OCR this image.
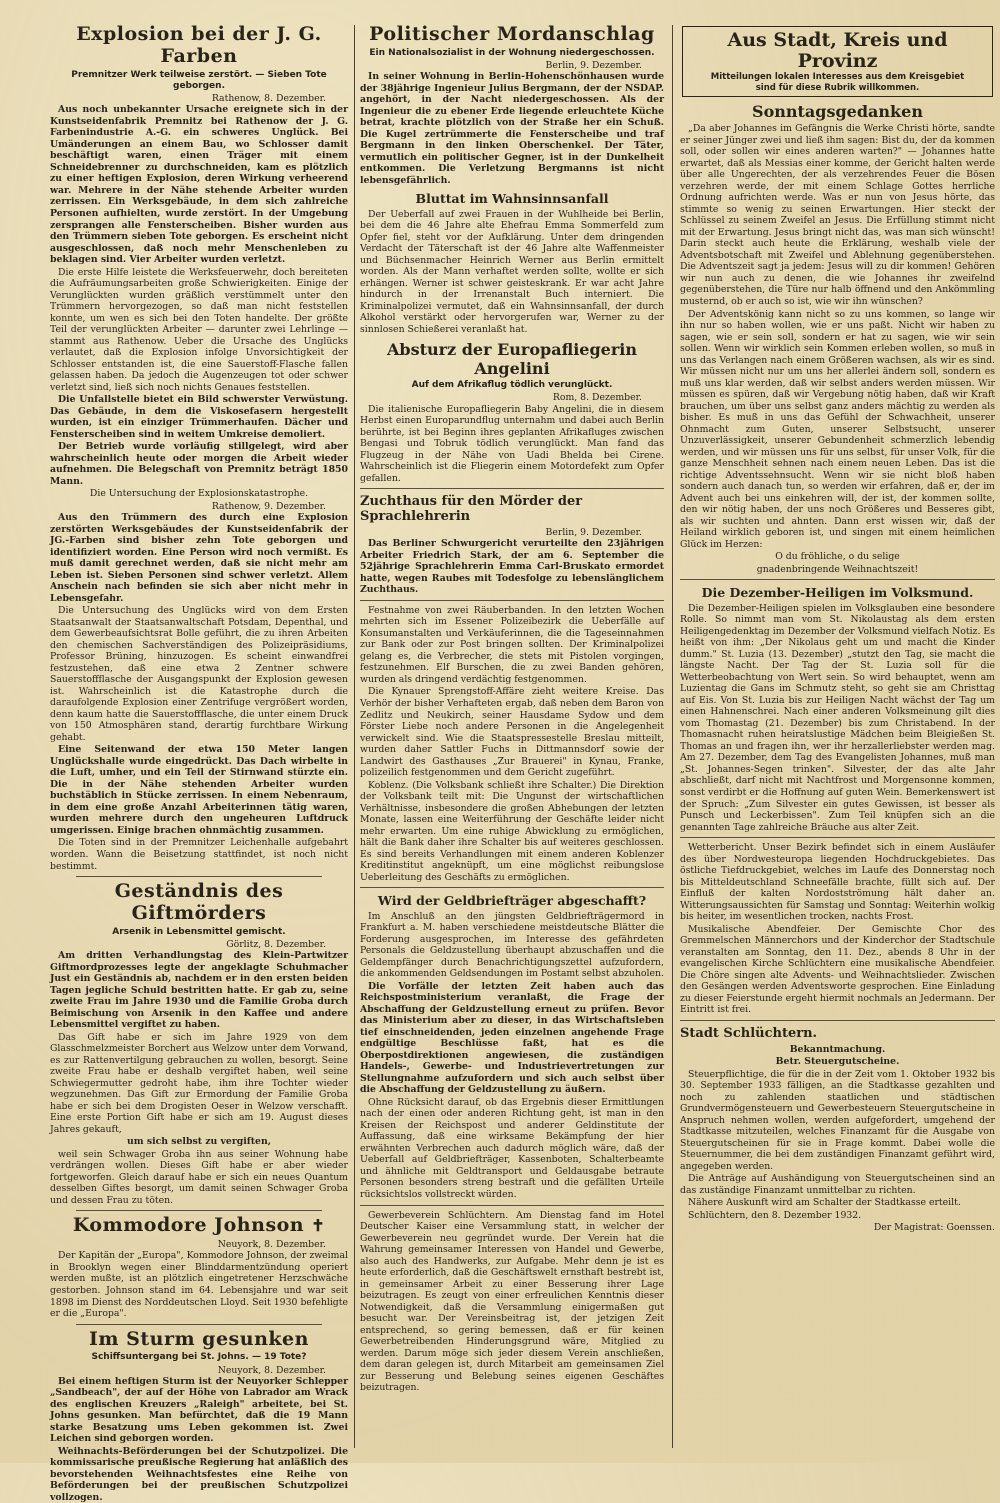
Explosion bei der J. G. Farben
Premnitzer Werk teilweise zerstört. — Sieben Tote geborgen.
Rathenow, 8. Dezember.

Aus noch unbekannter Ursache ereignete sich in der Kunstseidenfabrik Premnitz bei Rathenow der J. G. Farbenindustrie A.-G. ein schweres Unglück. Bei Umänderungen an einem Bau, wo Schlosser damit beschäftigt waren, einen Träger mit einem Schneidebrenner zu durchschneiden, kam es plötzlich zu einer heftigen Explosion, deren Wirkung verheerend war. Mehrere in der Nähe stehende Arbeiter wurden zerrissen. Ein Werksgebäude, in dem sich zahlreiche Personen aufhielten, wurde zerstört. In der Umgebung zersprangen alle Fensterscheiben. Bisher wurden aus den Trümmern sieben Tote geborgen. Es erscheint nicht ausgeschlossen, daß noch mehr Menschenleben zu beklagen sind. Vier Arbeiter wurden verletzt.

Die erste Hilfe leistete die Werksfeuerwehr, doch bereiteten die Aufräumungsarbeiten große Schwierigkeiten. Einige der Verunglückten wurden gräßlich verstümmelt unter den Trümmern hervorgezogen, so daß man nicht feststellen konnte, um wen es sich bei den Toten handelte. Der größte Teil der verunglückten Arbeiter — darunter zwei Lehrlinge — stammt aus Rathenow. Ueber die Ursache des Unglücks verlautet, daß die Explosion infolge Unvorsichtigkeit der Schlosser entstanden ist, die eine Sauerstoff-Flasche fallen gelassen haben. Da jedoch die Augenzeugen tot oder schwer verletzt sind, ließ sich noch nichts Genaues feststellen.

Die Unfallstelle bietet ein Bild schwerster Verwüstung. Das Gebäude, in dem die Viskosefasern hergestellt wurden, ist ein einziger Trümmerhaufen. Dächer und Fensterscheiben sind in weitem Umkreise demoliert.

Der Betrieb wurde vorläufig stillgelegt, wird aber wahrscheinlich heute oder morgen die Arbeit wieder aufnehmen. Die Belegschaft von Premnitz beträgt 1850 Mann.

Die Untersuchung der Explosionskatastrophe.

Rathenow, 9. Dezember.

Aus den Trümmern des durch eine Explosion zerstörten Werksgebäudes der Kunstseidenfabrik der JG.-Farben sind bisher zehn Tote geborgen und identifiziert worden. Eine Person wird noch vermißt. Es muß damit gerechnet werden, daß sie nicht mehr am Leben ist. Sieben Personen sind schwer verletzt. Allem Anschein nach befinden sie sich aber nicht mehr in Lebensgefahr.

Die Untersuchung des Unglücks wird von dem Ersten Staatsanwalt der Staatsanwaltschaft Potsdam, Depenthal, und dem Gewerbeaufsichtsrat Bolle geführt, die zu ihren Arbeiten den chemischen Sachverständigen des Polizeipräsidiums, Professor Brüning, hinzuzogen. Es scheint einwandfrei festzustehen, daß eine etwa 2 Zentner schwere Sauerstoffflasche der Ausgangspunkt der Explosion gewesen ist. Wahrscheinlich ist die Katastrophe durch die daraufolgende Explosion einer Zentrifuge vergrößert worden, denn kaum hatte die Sauerstoffflasche, die unter einem Druck von 150 Atmosphären stand, derartig furchtbare Wirkung gehabt.

Eine Seitenwand der etwa 150 Meter langen Unglückshalle wurde eingedrückt. Das Dach wirbelte in die Luft, umher, und ein Teil der Stirnwand stürzte ein. Die in der Nähe stehenden Arbeiter wurden buchstäblich in Stücke zerrissen. In einem Nebenraum, in dem eine große Anzahl Arbeiterinnen tätig waren, wurden mehrere durch den ungeheuren Luftdruck umgerissen. Einige brachen ohnmächtig zusammen.

Die Toten sind in der Premnitzer Leichenhalle aufgebahrt worden. Wann die Beisetzung stattfindet, ist noch nicht bestimmt.

Geständnis des Giftmörders
Arsenik in Lebensmittel gemischt.
Görlitz, 8. Dezember.

Am dritten Verhandlungstag des Klein-Partwitzer Giftmordprozesses legte der angeklagte Schuhmacher Just ein Geständnis ab, nachdem er in den ersten beiden Tagen jegliche Schuld bestritten hatte. Er gab zu, seine zweite Frau im Jahre 1930 und die Familie Groba durch Beimischung von Arsenik in den Kaffee und andere Lebensmittel vergiftet zu haben.

Das Gift habe er sich im Jahre 1929 von dem Glasschmelzmeister Borchert aus Welzow unter dem Vorwand, es zur Rattenvertilgung gebrauchen zu wollen, besorgt. Seine zweite Frau habe er deshalb vergiftet haben, weil seine Schwiegermutter gedroht habe, ihm ihre Tochter wieder wegzunehmen. Das Gift zur Ermordung der Familie Groba habe er sich bei dem Drogisten Oeser in Welzow verschafft. Eine erste Portion Gift habe er sich am 19. August dieses Jahres gekauft,

um sich selbst zu vergiften,

weil sein Schwager Groba ihn aus seiner Wohnung habe verdrängen wollen. Dieses Gift habe er aber wieder fortgeworfen. Gleich darauf habe er sich ein neues Quantum desselben Giftes besorgt, um damit seinen Schwager Groba und dessen Frau zu töten.

Kommodore Johnson ✝
Neuyork, 8. Dezember.

Der Kapitän der „Europa", Kommodore Johnson, der zweimal in Brooklyn wegen einer Blinddarmentzündung operiert werden mußte, ist an plötzlich eingetretener Herzschwäche gestorben. Johnson stand im 64. Lebensjahre und war seit 1898 im Dienst des Norddeutschen Lloyd. Seit 1930 befehligte er die „Europa".

Im Sturm gesunken
Schiffsuntergang bei St. Johns. — 19 Tote?
Neuyork, 8. Dezember.

Bei einem heftigen Sturm ist der Neuyorker Schlepper „Sandbeach", der auf der Höhe von Labrador am Wrack des englischen Kreuzers „Raleigh" arbeitete, bei St. Johns gesunken. Man befürchtet, daß die 19 Mann starke Besatzung ums Leben gekommen ist. Zwei Leichen sind geborgen worden.

Weihnachts-Beförderungen bei der Schutzpolizei. Die kommissarische preußische Regierung hat anläßlich des bevorstehenden Weihnachtsfestes eine Reihe von Beförderungen bei der preußischen Schutzpolizei vollzogen.

Politischer Mordanschlag
Ein Nationalsozialist in der Wohnung niedergeschossen.
Berlin, 9. Dezember.

In seiner Wohnung in Berlin-Hohenschönhausen wurde der 38jährige Ingenieur Julius Bergmann, der der NSDAP. angehört, in der Nacht niedergeschossen. Als der Ingenieur die zu ebener Erde liegende erleuchtete Küche betrat, krachte plötzlich von der Straße her ein Schuß. Die Kugel zertrümmerte die Fensterscheibe und traf Bergmann in den linken Oberschenkel. Der Täter, vermutlich ein politischer Gegner, ist in der Dunkelheit entkommen. Die Verletzung Bergmanns ist nicht lebensgefährlich.

Bluttat im Wahnsinnsanfall

Der Ueberfall auf zwei Frauen in der Wuhlheide bei Berlin, bei dem die 46 Jahre alte Ehefrau Emma Sommerfeld zum Opfer fiel, steht vor der Aufklärung. Unter dem dringenden Verdacht der Täterschaft ist der 46 Jahre alte Waffenmeister und Büchsenmacher Heinrich Werner aus Berlin ermittelt worden. Als der Mann verhaftet werden sollte, wollte er sich erhängen. Werner ist schwer geisteskrank. Er war acht Jahre hindurch in der Irrenanstalt Buch interniert. Die Kriminalpolizei vermutet, daß ein Wahnsinnsanfall, der durch Alkohol verstärkt oder hervorgerufen war, Werner zu der sinnlosen Schießerei veranlaßt hat.

Absturz der Europafliegerin Angelini
Auf dem Afrikaflug tödlich verunglückt.
Rom, 8. Dezember.

Die italienische Europafliegerin Baby Angelini, die in diesem Herbst einen Europarundflug unternahm und dabei auch Berlin berührte, ist bei Beginn ihres geplanten Afrikafluges zwischen Bengasi und Tobruk tödlich verunglückt. Man fand das Flugzeug in der Nähe von Uadi Bhelda bei Cirene. Wahrscheinlich ist die Fliegerin einem Motordefekt zum Opfer gefallen.

Zuchthaus für den Mörder der Sprachlehrerin
Berlin, 9. Dezember.

Das Berliner Schwurgericht verurteilte den 23jährigen Arbeiter Friedrich Stark, der am 6. September die 52jährige Sprachlehrerin Emma Carl-Bruskato ermordet hatte, wegen Raubes mit Todesfolge zu lebenslänglichem Zuchthaus.

Festnahme von zwei Räuberbanden. In den letzten Wochen mehrten sich im Essener Polizeibezirk die Ueberfälle auf Konsumanstalten und Verkäuferinnen, die die Tageseinnahmen zur Bank oder zur Post bringen sollten. Der Kriminalpolizei gelang es, die Verbrecher, die stets mit Pistolen vorgingen, festzunehmen. Elf Burschen, die zu zwei Banden gehören, wurden als dringend verdächtig festgenommen.

Die Kynauer Sprengstoff-Affäre zieht weitere Kreise. Das Verhör der bisher Verhafteten ergab, daß neben dem Baron von Zedlitz und Neukirch, seiner Hausdame Sydow und dem Förster Liebe noch andere Personen in die Angelegenheit verwickelt sind. Wie die Staatspressestelle Breslau mitteilt, wurden daher Sattler Fuchs in Dittmannsdorf sowie der Landwirt des Gasthauses „Zur Brauerei" in Kynau, Franke, polizeilich festgenommen und dem Gericht zugeführt.

Koblenz. (Die Volksbank schließt ihre Schalter.) Die Direktion der Volksbank teilt mit: Die Ungunst der wirtschaftlichen Verhältnisse, insbesondere die großen Abhebungen der letzten Monate, lassen eine Weiterführung der Geschäfte leider nicht mehr erwarten. Um eine ruhige Abwicklung zu ermöglichen, hält die Bank daher ihre Schalter bis auf weiteres geschlossen. Es sind bereits Verhandlungen mit einem anderen Koblenzer Kreditinstitut angeknüpft, um eine möglichst reibungslose Ueberleitung des Geschäfts zu ermöglichen.

Wird der Geldbriefträger abgeschafft?

Im Anschluß an den jüngsten Geldbriefträgermord in Frankfurt a. M. haben verschiedene meistdeutsche Blätter die Forderung ausgesprochen, im Interesse des gefährdeten Personals die Geldzustellung überhaupt abzuschaffen und die Geldempfänger durch Benachrichtigungszettel aufzufordern, die ankommenden Geldsendungen im Postamt selbst abzuholen.

Die Vorfälle der letzten Zeit haben auch das Reichspostministerium veranlaßt, die Frage der Abschaffung der Geldzustellung erneut zu prüfen. Bevor das Ministerium aber zu dieser, in das Wirtschaftsleben tief einschneidenden, jeden einzelnen angehende Frage endgültige Beschlüsse faßt, hat es die Oberpostdirektionen angewiesen, die zuständigen Handels-, Gewerbe- und Industrievertretungen zur Stellungnahme aufzufordern und sich auch selbst über die Abschaffung der Geldzustellung zu äußern.

Ohne Rücksicht darauf, ob das Ergebnis dieser Ermittlungen nach der einen oder anderen Richtung geht, ist man in den Kreisen der Reichspost und anderer Geldinstitute der Auffassung, daß eine wirksame Bekämpfung der hier erwähnten Verbrechen auch dadurch möglich wäre, daß der Ueberfall auf Geldbriefträger, Kassenboten, Schalterbeamte und ähnliche mit Geldtransport und Geldausgabe betraute Personen besonders streng bestraft und die gefällten Urteile rücksichtslos vollstreckt würden.

Gewerbeverein Schlüchtern. Am Dienstag fand im Hotel Deutscher Kaiser eine Versammlung statt, in welcher der Gewerbeverein neu gegründet wurde. Der Verein hat die Wahrung gemeinsamer Interessen von Handel und Gewerbe, also auch des Handwerks, zur Aufgabe. Mehr denn je ist es heute erforderlich, daß die Geschäftswelt ernsthaft bestrebt ist, in gemeinsamer Arbeit zu einer Besserung ihrer Lage beizutragen. Es zeugt von einer erfreulichen Kenntnis dieser Notwendigkeit, daß die Versammlung einigermaßen gut besucht war. Der Vereinsbeitrag ist, der jetzigen Zeit entsprechend, so gering bemessen, daß er für keinen Gewerbetreibenden Hinderungsgrund wäre, Mitglied zu werden. Darum möge sich jeder diesem Verein anschließen, dem daran gelegen ist, durch Mitarbeit am gemeinsamen Ziel zur Besserung und Belebung seines eigenen Geschäftes beizutragen.

Aus Stadt, Kreis und Provinz
Mitteilungen lokalen Interesses aus dem Kreisgebiet
sind für diese Rubrik willkommen.
Sonntagsgedanken

„Da aber Johannes im Gefängnis die Werke Christi hörte, sandte er seiner Jünger zwei und ließ ihm sagen: Bist du, der da kommen soll, oder sollen wir eines anderen warten?" — Johannes hatte erwartet, daß als Messias einer komme, der Gericht halten werde über alle Ungerechten, der als verzehrendes Feuer die Bösen verzehren werde, der mit einem Schlage Gottes herrliche Ordnung aufrichten werde. Was er nun von Jesus hörte, das stimmte so wenig zu seinen Erwartungen. Hier steckt der Schlüssel zu seinem Zweifel an Jesus. Die Erfüllung stimmt nicht mit der Erwartung. Jesus bringt nicht das, was man sich wünscht! Darin steckt auch heute die Erklärung, weshalb viele der Adventsbotschaft mit Zweifel und Ablehnung gegenüberstehen. Die Adventszeit sagt ja jedem: Jesus will zu dir kommen! Gehören wir nun auch zu denen, die wie Johannes ihr zweifelnd gegenüberstehen, die Türe nur halb öffnend und den Ankömmling musternd, ob er auch so ist, wie wir ihn wünschen?

Der Adventskönig kann nicht so zu uns kommen, so lange wir ihn nur so haben wollen, wie er uns paßt. Nicht wir haben zu sagen, wie er sein soll, sondern er hat zu sagen, wie wir sein sollen. Wenn wir wirklich sein Kommen erleben wollen, so muß in uns das Verlangen nach einem Größeren wachsen, als wir es sind. Wir müssen nicht nur um uns her allerlei ändern soll, sondern es muß uns klar werden, daß wir selbst anders werden müssen. Wir müssen es spüren, daß wir Vergebung nötig haben, daß wir Kraft brauchen, um über uns selbst ganz anders mächtig zu werden als bisher. Es muß in uns das Gefühl der Schwachheit, unserer Ohnmacht zum Guten, unserer Selbstsucht, unserer Unzuverlässigkeit, unserer Gebundenheit schmerzlich lebendig werden, und wir müssen uns für uns selbst, für unser Volk, für die ganze Menschheit sehnen nach einem neuen Leben. Das ist die richtige Adventssehnsucht. Wenn wir sie nicht bloß haben sondern auch danach tun, so werden wir erfahren, daß er, der im Advent auch bei uns einkehren will, der ist, der kommen sollte, den wir nötig haben, der uns noch Größeres und Besseres gibt, als wir suchten und ahnten. Dann erst wissen wir, daß der Heiland wirklich geboren ist, und singen mit einem heimlichen Glück im Herzen:

O du fröhliche, o du selige

gnadenbringende Weihnachtszeit!

Die Dezember-Heiligen im Volksmund.

Die Dezember-Heiligen spielen im Volksglauben eine besondere Rolle. So nimmt man vom St. Nikolaustag als dem ersten Heiligengedenktag im Dezember der Volksmund vielfach Notiz. Es heißt von ihm: „Der Nikolaus geht um und macht die Kinder dumm." St. Luzia (13. Dezember) „stutzt den Tag, sie macht die längste Nacht. Der Tag der St. Luzia soll für die Wetterbeobachtung von Wert sein. So wird behauptet, wenn am Luzientag die Gans im Schmutz steht, so geht sie am Christtag auf Eis. Von St. Luzia bis zur Heiligen Nacht wächst der Tag um einen Hahnenschrei. Nach einer anderen Volksmeinung gilt dies vom Thomastag (21. Dezember) bis zum Christabend. In der Thomasnacht ruhen heiratslustige Mädchen beim Bleigießen St. Thomas an und fragen ihn, wer ihr herzallerliebster werden mag. Am 27. Dezember, dem Tag des Evangelisten Johannes, muß man „St. Johannes-Segen trinken". Silvester, der das alte Jahr abschließt, darf nicht mit Nachtfrost und Morgensonne kommen, sonst verdirbt er die Hoffnung auf guten Wein. Bemerkenswert ist der Spruch: „Zum Silvester ein gutes Gewissen, ist besser als Punsch und Leckerbissen". Zum Teil knüpfen sich an die genannten Tage zahlreiche Bräuche aus alter Zeit.

Wetterbericht. Unser Bezirk befindet sich in einem Ausläufer des über Nordwesteuropa liegenden Hochdruckgebietes. Das östliche Tiefdruckgebiet, welches im Laufe des Donnerstag noch bis Mitteldeutschland Schneefälle brachte, füllt sich auf. Der Einfluß der kalten Nordostströmung hält daher an. Witterungsaussichten für Samstag und Sonntag: Weiterhin wolkig bis heiter, im wesentlichen trocken, nachts Frost.

Musikalische Abendfeier. Der Gemischte Chor des Gremmelschen Männerchors und der Kinderchor der Stadtschule veranstalten am Sonntag, den 11. Dez., abends 8 Uhr in der evangelischen Kirche Schlüchtern eine musikalische Abendfeier. Die Chöre singen alte Advents- und Weihnachtslieder. Zwischen den Gesängen werden Adventsworte gesprochen. Eine Einladung zu dieser Feierstunde ergeht hiermit nochmals an Jedermann. Der Eintritt ist frei.

Stadt Schlüchtern.

Bekanntmachung.

Betr. Steuergutscheine.

Steuerpflichtige, die für die in der Zeit vom 1. Oktober 1932 bis 30. September 1933 fälligen, an die Stadtkasse gezahlten und noch zu zahlenden staatlichen und städtischen Grundvermögensteuern und Gewerbesteuern Steuergutscheine in Anspruch nehmen wollen, werden aufgefordert, umgehend der Stadtkasse mitzuteilen, welches Finanzamt für die Ausgabe von Steuergutscheinen für sie in Frage kommt. Dabei wolle die Steuernummer, die bei dem zuständigen Finanzamt geführt wird, angegeben werden.

Die Anträge auf Aushändigung von Steuergutscheinen sind an das zuständige Finanzamt unmittelbar zu richten.

Nähere Auskunft wird am Schalter der Stadtkasse erteilt.

Schlüchtern, den 8. Dezember 1932.

Der Magistrat: Goenssen.
